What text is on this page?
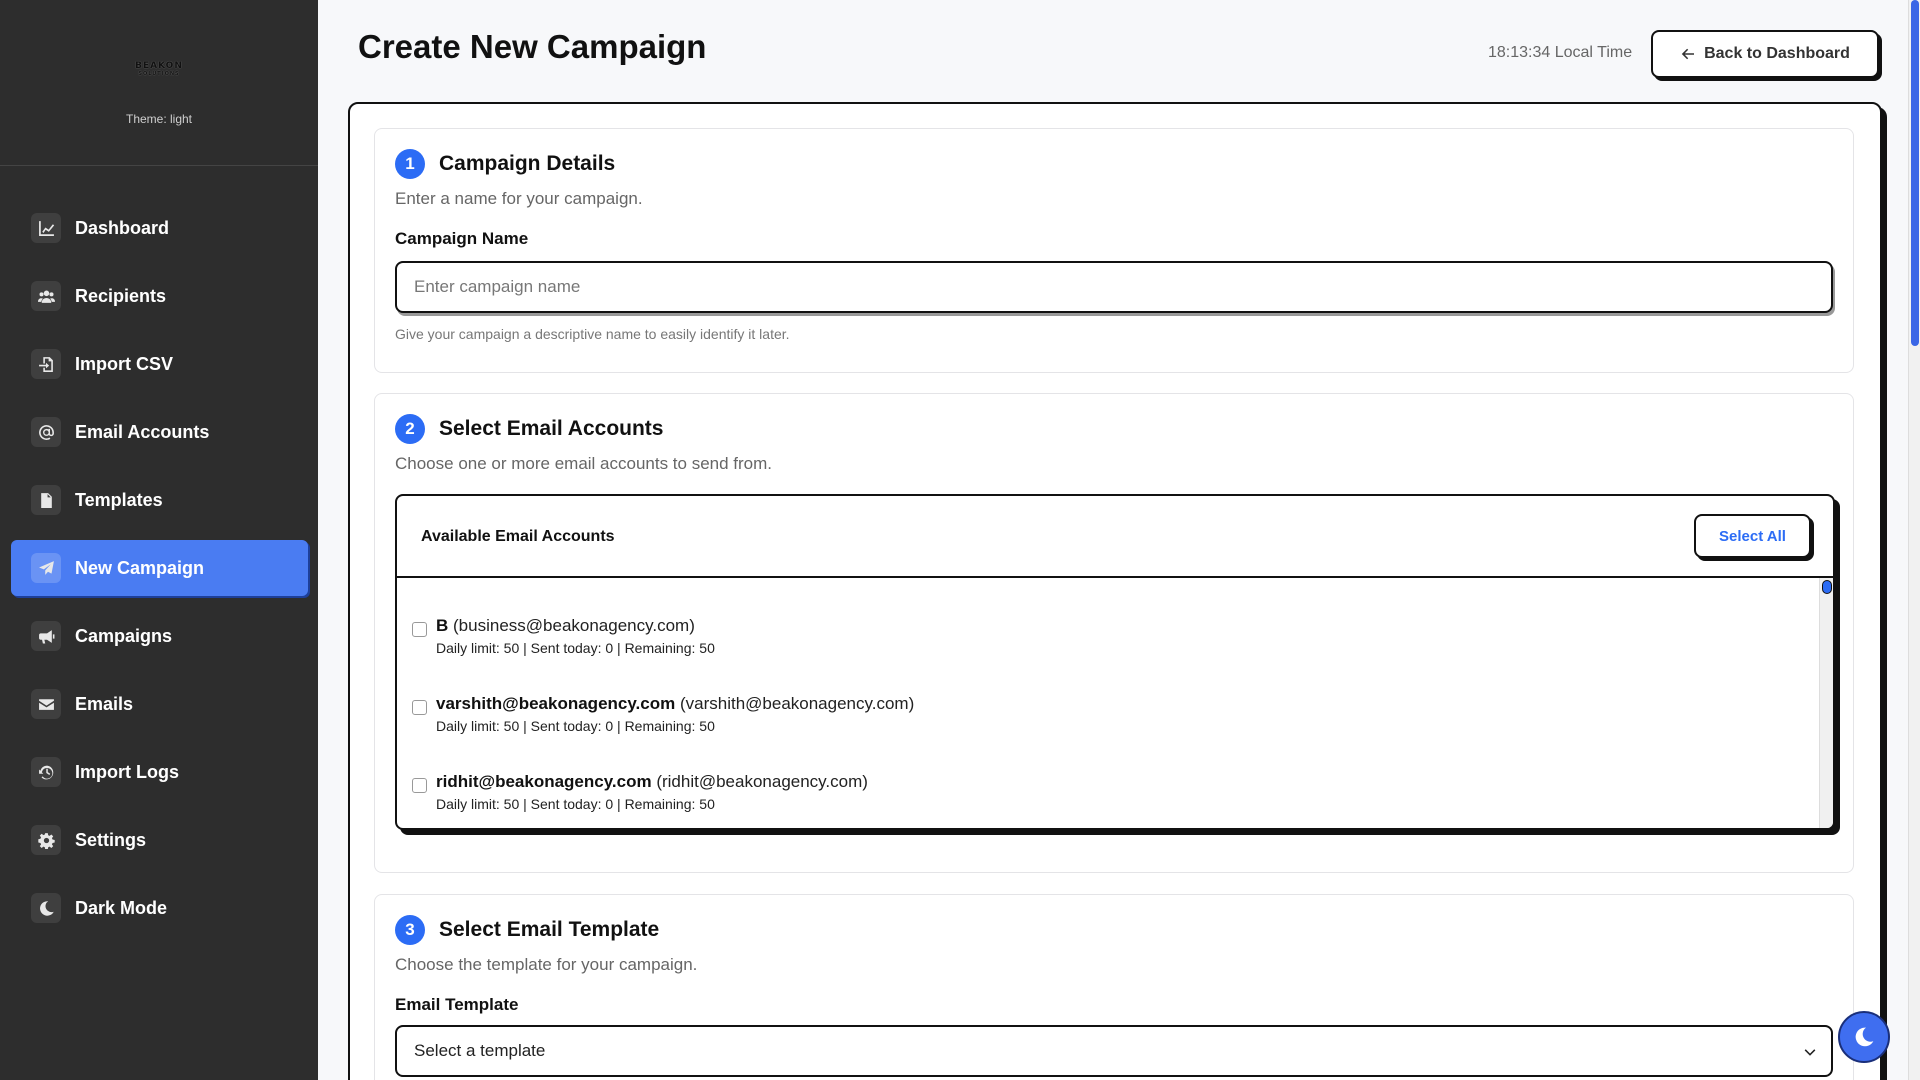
BEAKON
SOLUTIONS
Theme: light
Dashboard
Recipients
Import CSV
Email Accounts
Templates
New Campaign
Campaigns
Emails
Import Logs
Settings
Dark Mode
Create New Campaign	18:13:34 Local Time	Back to Dashboard
1	Campaign Details
Enter a name for your campaign.
Campaign Name
Enter campaign name
Give your campaign a descriptive name to easily identify it later.
2	Select Email Accounts
Choose one or more email accounts to send from.
Available Email Accounts	Select All
B (business@beakonagency.com)
Daily limit: 50 | Sent today: 0 | Remaining: 50
varshith@beakonagency.com (varshith@beakonagency.com)
Daily limit: 50 | Sent today: 0 | Remaining: 50
ridhit@beakonagency.com (ridhit@beakonagency.com)
Daily limit: 50 | Sent today: 0 | Remaining: 50
3	Select Email Template
Choose the template for your campaign.
Email Template
Select a template
